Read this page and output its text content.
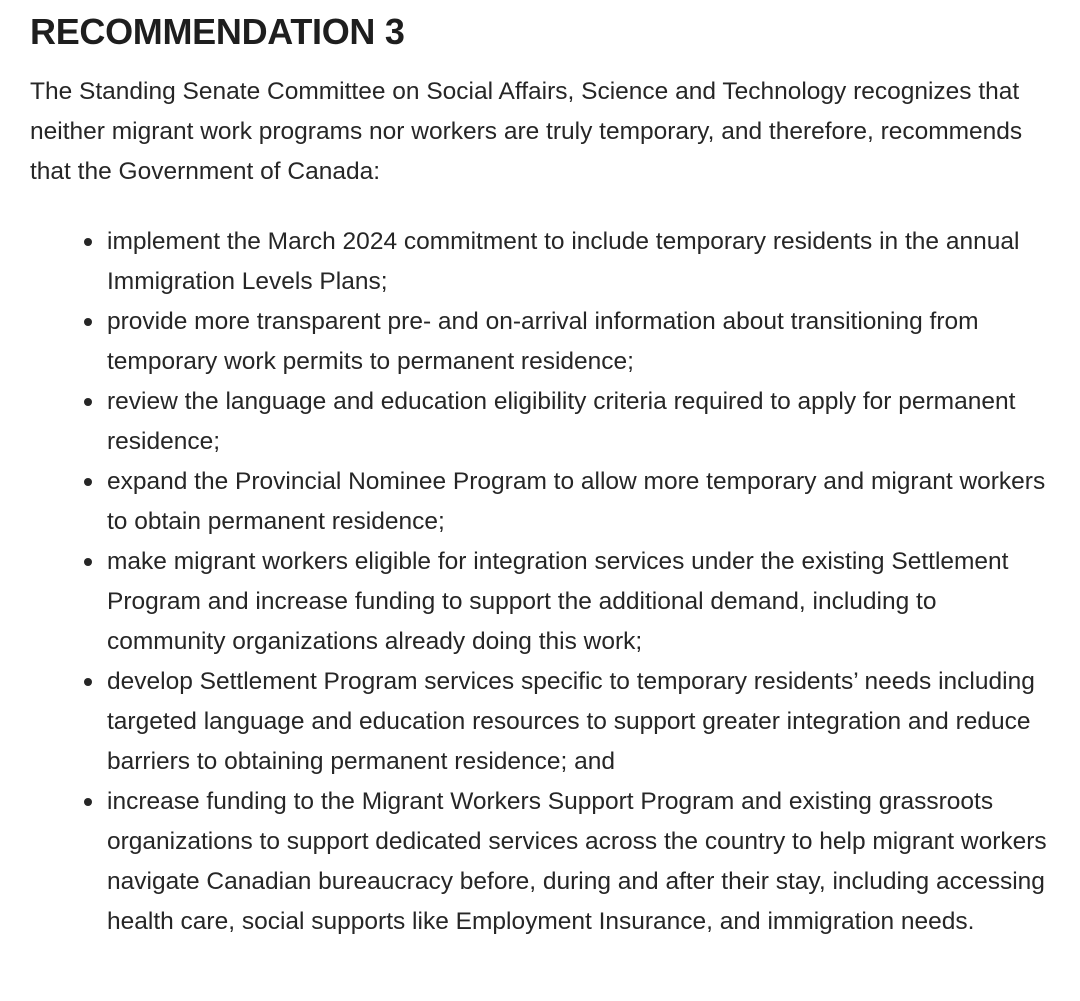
RECOMMENDATION 3

The Standing Senate Committee on Social Affairs, Science and Technology recognizes that neither migrant work programs nor workers are truly temporary, and therefore, recommends that the Government of Canada:

implement the March 2024 commitment to include temporary residents in the annual Immigration Levels Plans;
provide more transparent pre- and on-arrival information about transitioning from temporary work permits to permanent residence;
review the language and education eligibility criteria required to apply for permanent residence;
expand the Provincial Nominee Program to allow more temporary and migrant workers to obtain permanent residence;
make migrant workers eligible for integration services under the existing Settlement Program and increase funding to support the additional demand, including to community organizations already doing this work;
develop Settlement Program services specific to temporary residents’ needs including targeted language and education resources to support greater integration and reduce barriers to obtaining permanent residence; and
increase funding to the Migrant Workers Support Program and existing grassroots organizations to support dedicated services across the country to help migrant workers navigate Canadian bureaucracy before, during and after their stay, including accessing health care, social supports like Employment Insurance, and immigration needs.
